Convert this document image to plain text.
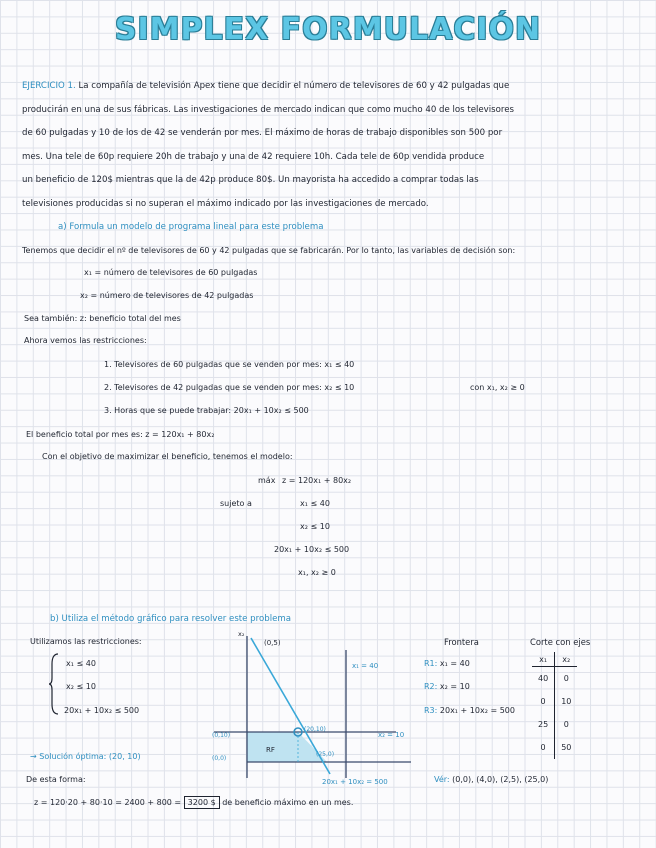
SIMPLEX FORMULACIÓN
EJERCICIO 1. La compañía de televisión Apex tiene que decidir el número de televisores de 60 y 42 pulgadas que
producirán en una de sus fábricas. Las investigaciones de mercado indican que como mucho 40 de los televisores
de 60 pulgadas y 10 de los de 42 se venderán por mes. El máximo de horas de trabajo disponibles son 500 por
mes. Una tele de 60p requiere 20h de trabajo y una de 42 requiere 10h. Cada tele de 60p vendida produce
un beneficio de 120$ mientras que la de 42p produce 80$. Un mayorista ha accedido a comprar todas las
televisiones producidas si no superan el máximo indicado por las investigaciones de mercado.
a) Formula un modelo de programa lineal para este problema
Tenemos que decidir el nº de televisores de 60 y 42 pulgadas que se fabricarán. Por lo tanto, las variables de decisión son:
x₁ = número de televisores de 60 pulgadas
x₂ = número de televisores de 42 pulgadas
Sea también: z: beneficio total del mes
Ahora vemos las restricciones:
1. Televisores de 60 pulgadas que se venden por mes: x₁ ≤ 40
2. Televisores de 42 pulgadas que se venden por mes: x₂ ≤ 10	con x₁, x₂ ≥ 0
3. Horas que se puede trabajar: 20x₁ + 10x₂ ≤ 500
El beneficio total por mes es: z = 120x₁ + 80x₂
Con el objetivo de maximizar el beneficio, tenemos el modelo:
máx z = 120x₁ + 80x₂
sujeto a	x₁ ≤ 40
x₂ ≤ 10
20x₁ + 10x₂ ≤ 500
x₁, x₂ ≥ 0
b) Utiliza el método gráfico para resolver este problema
Utilizamos las restricciones:
x₁ ≤ 40
x₂ ≤ 10
20x₁ + 10x₂ ≤ 500
→ Solución óptima: (20, 10)
De esta forma:
z = 120·20 + 80·10 = 2400 + 800 = 3200 $ de beneficio máximo en un mes.
x₂
(0,5)
x₁ = 40
x₂ = 10
(0,10)
(0,0)
(20,10)
(25,0)
RF
20x₁ + 10x₂ = 500
Frontera
R1: x₁ = 40
R2: x₂ = 10
R3: 20x₁ + 10x₂ = 500
Corte con ejes
x₁	x₂
40	0
0	10
25	0
0	50
Vér: (0,0), (4,0), (2,5), (25,0)
